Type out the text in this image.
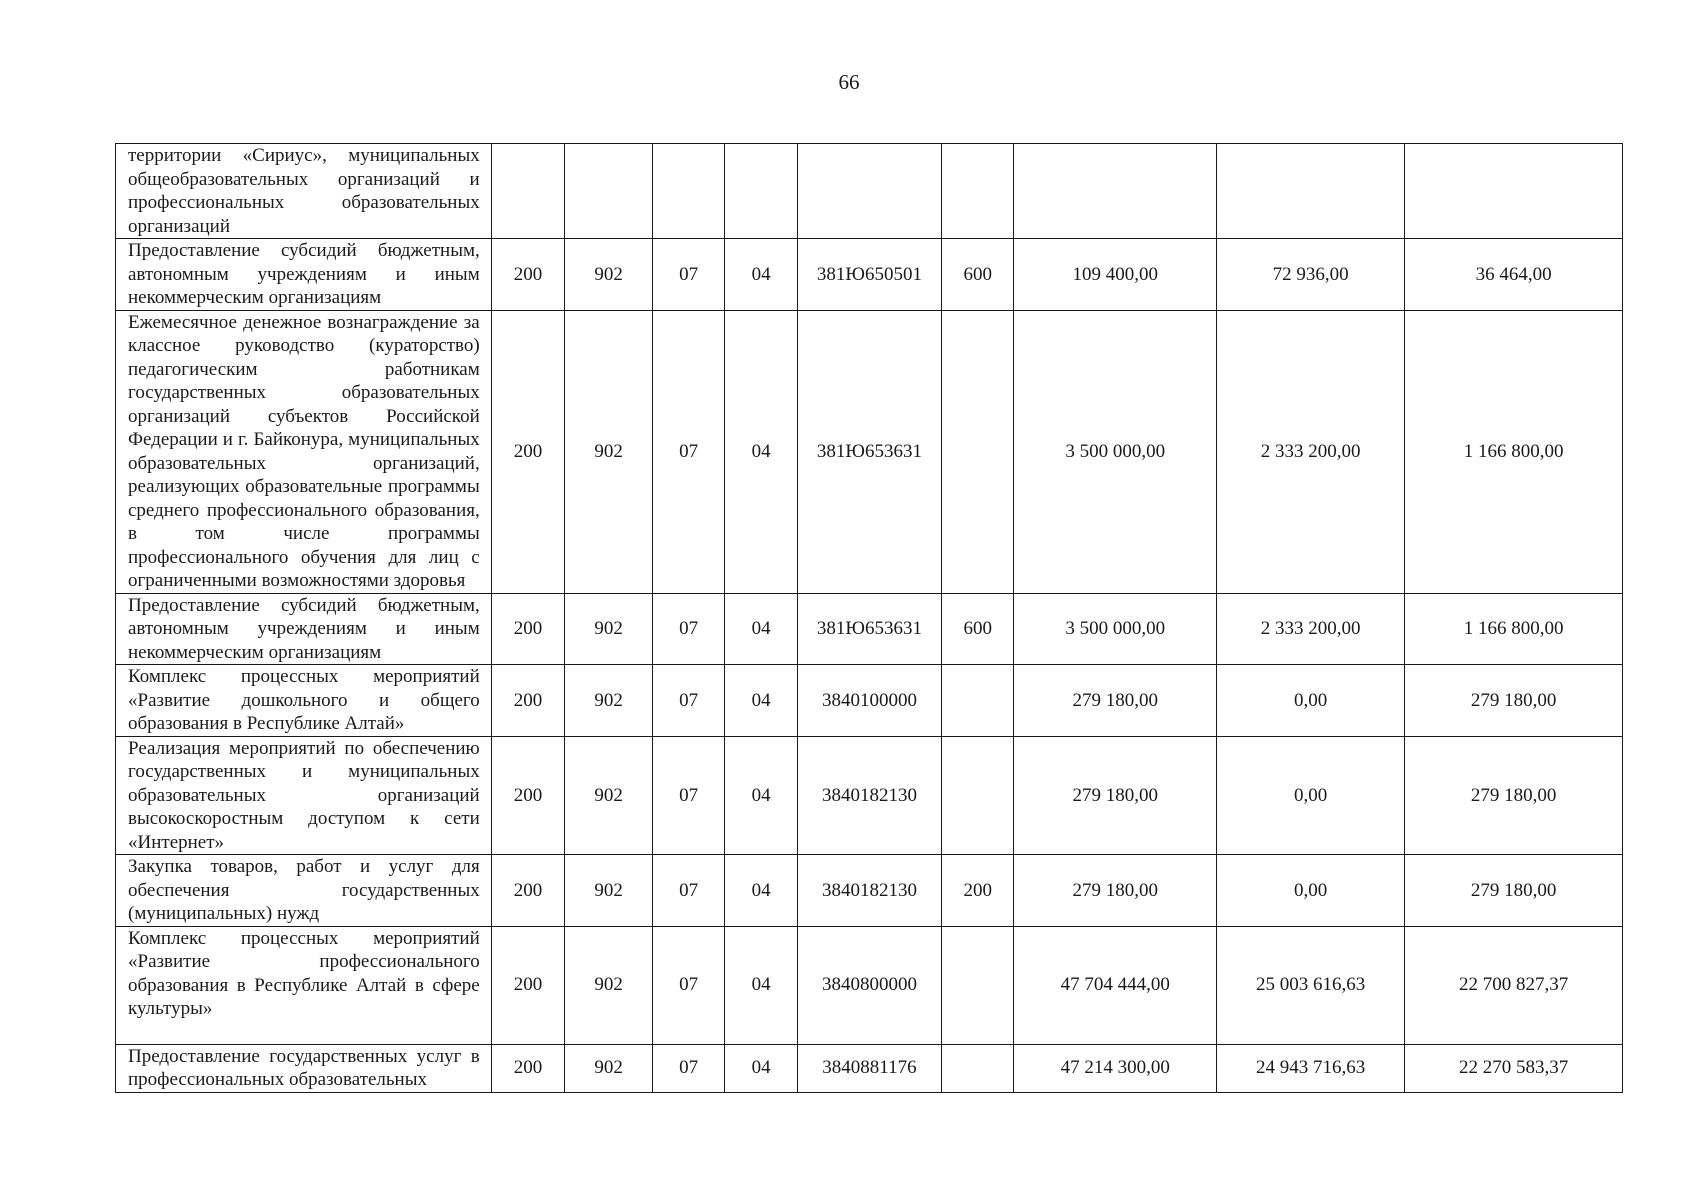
66
территории «Сириус», муниципальных общеобразовательных организаций и профессиональных образовательных организаций									
Предоставление субсидий бюджетным, автономным учреждениям и иным некоммерческим организациям	200	902	07	04	381Ю650501	600	109 400,00	72 936,00	36 464,00
Ежемесячное денежное вознаграждение за классное руководство (кураторство) педагогическим работникам государственных образовательных организаций субъектов Российской Федерации и г. Байконура, муниципальных образовательных организаций, реализующих образовательные программы среднего профессионального образования, в том числе программы профессионального обучения для лиц с ограниченными возможностями здоровья	200	902	07	04	381Ю653631		3 500 000,00	2 333 200,00	1 166 800,00
Предоставление субсидий бюджетным, автономным учреждениям и иным некоммерческим организациям	200	902	07	04	381Ю653631	600	3 500 000,00	2 333 200,00	1 166 800,00
Комплекс процессных мероприятий «Развитие дошкольного и общего образования в Республике Алтай»	200	902	07	04	3840100000		279 180,00	0,00	279 180,00
Реализация мероприятий по обеспечению государственных и муниципальных образовательных организаций высокоскоростным доступом к сети «Интернет»	200	902	07	04	3840182130		279 180,00	0,00	279 180,00
Закупка товаров, работ и услуг для обеспечения государственных (муниципальных) нужд	200	902	07	04	3840182130	200	279 180,00	0,00	279 180,00
Комплекс процессных мероприятий «Развитие профессионального образования в Республике Алтай в сфере культуры»	200	902	07	04	3840800000		47 704 444,00	25 003 616,63	22 700 827,37
Предоставление государственных услуг в профессиональных образовательных	200	902	07	04	3840881176		47 214 300,00	24 943 716,63	22 270 583,37
